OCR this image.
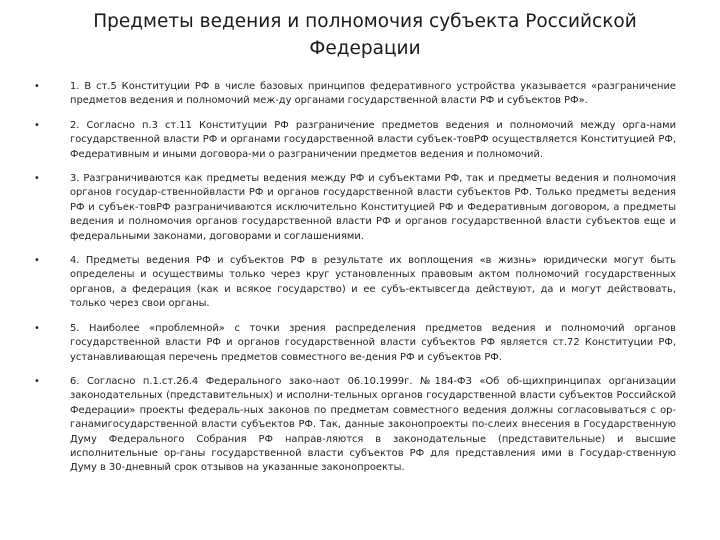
Предметы ведения и полномочия субъекта Российской Федерации
•	1. В ст.5 Конституции РФ в числе базовых принципов федеративного устройства указывается «разграничение предметов ведения и полномочий меж-ду органами государственной власти РФ и субъектов РФ».
•	2. Согласно п.3 ст.11 Конституции РФ разграничение предметов ведения и полномочий между орга-нами государственной власти РФ и органами государственной власти субъек-товРФ осуществляется Конституцией РФ, Федеративным и иными договора-ми о разграничении предметов ведения и полномочий.
•	3. Разграничиваются как предметы ведения между РФ и субъектами РФ, так и предметы ведения и полномочия органов государ-ственнойвласти РФ и органов государственной власти субъектов РФ. Только предметы ведения РФ и субъек-товРФ разграничиваются исключительно Конституцией РФ и Федеративным договором, а предметы ведения и полномочия органов государственной власти РФ и органов государственной власти субъектов еще и федеральными законами, договорами и соглашениями.
•	4. Предметы ведения РФ и субъектов РФ в результате их воплощения «в жизнь» юридически могут быть определены и осуществимы только через круг установленных правовым актом полномочий государственных органов, а федерация (как и всякое государство) и ее субъ-ектывсегда действуют, да и могут действовать, только через свои органы.
•	5. Наиболее «проблемной» с точки зрения распределения предметов ведения и полномочий органов государственной власти РФ и органов государственной власти субъектов РФ является ст.72 Конституции РФ, устанавливающая перечень предметов совместного ве-дения РФ и субъектов РФ.
•	6. Согласно п.1.ст.26.4 Федерального зако-наот 06.10.1999г. №184-ФЗ «Об об-щихпринципах организации законодательных (представительных) и исполни-тельных органов государственной власти субъектов Российской Федерации» проекты федераль-ных законов по предметам совместного ведения должны согласовываться с ор-ганамигосударственной власти субъектов РФ. Так, данные законопроекты по-слеих внесения в Государственную Думу Федерального Собрания РФ направ-ляются в законодательные (представительные) и высшие исполнительные ор-ганы государственной власти субъектов РФ для представления ими в Государ-ственную Думу в 30-дневный срок отзывов на указанные законопроекты.
